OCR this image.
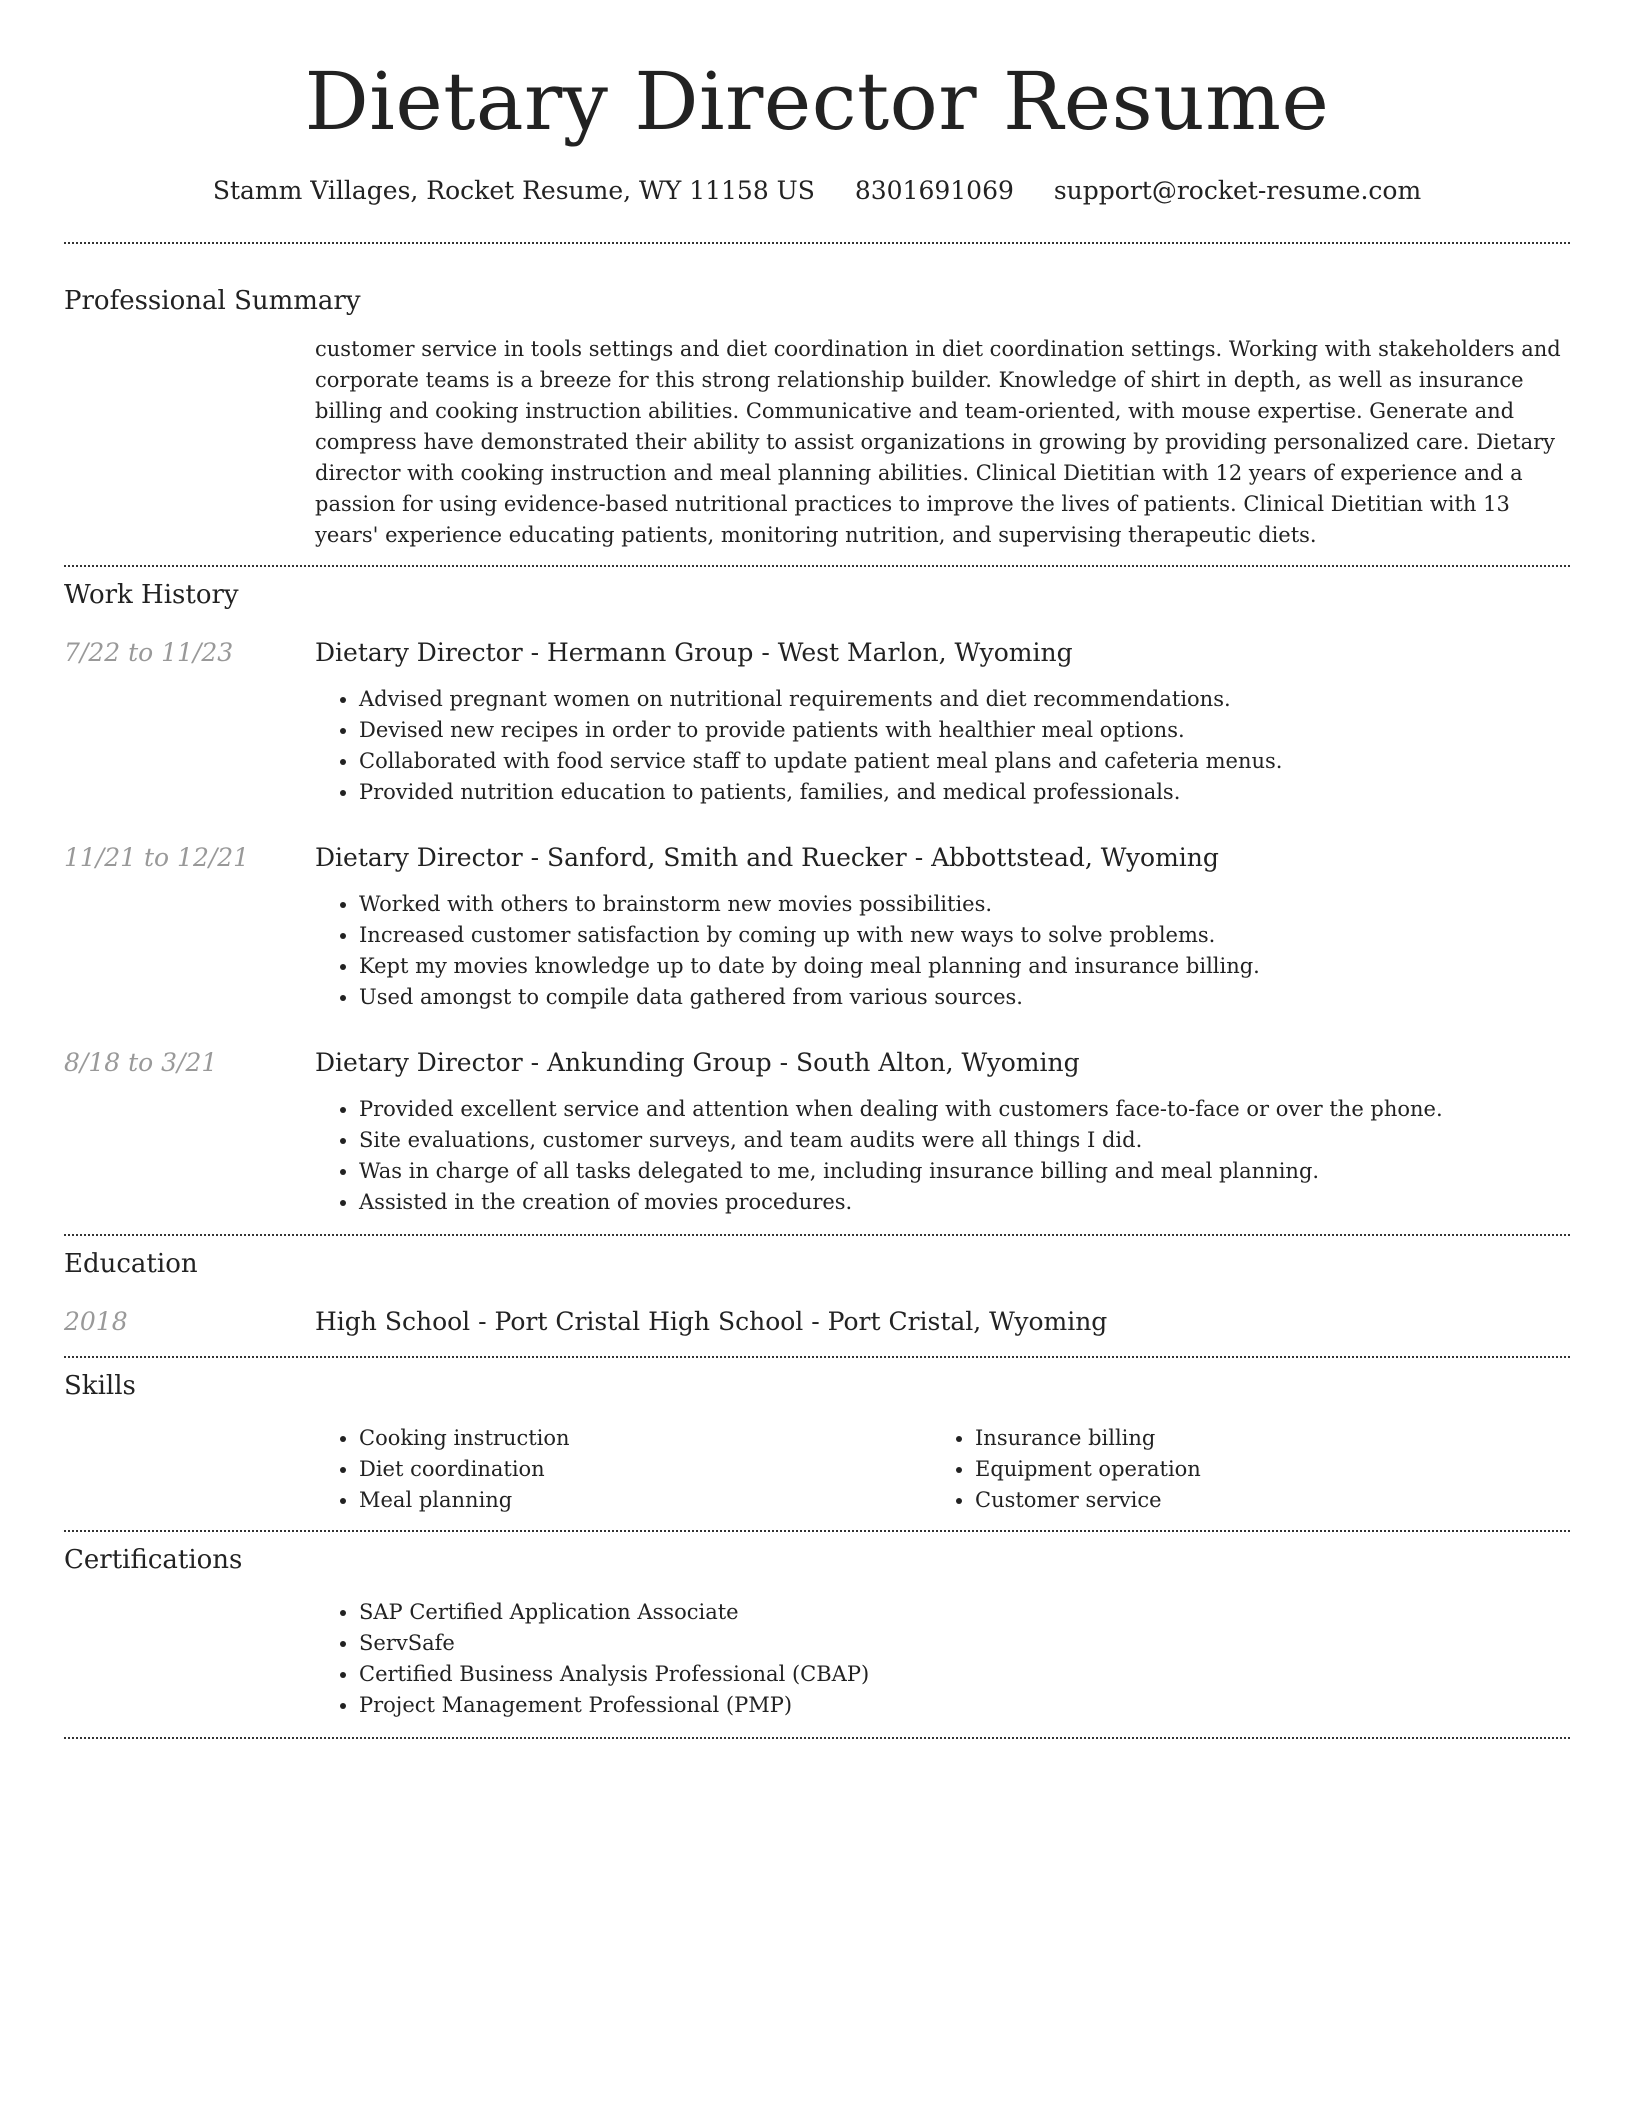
Dietary Director Resume
Stamm Villages, Rocket Resume, WY 11158 US 8301691069 support@rocket-resume.com
Professional Summary
customer service in tools settings and diet coordination in diet coordination settings. Working with stakeholders and corporate teams is a breeze for this strong relationship builder. Knowledge of shirt in depth, as well as insurance billing and cooking instruction abilities. Communicative and team-oriented, with mouse expertise. Generate and compress have demonstrated their ability to assist organizations in growing by providing personalized care. Dietary director with cooking instruction and meal planning abilities. Clinical Dietitian with 12 years of experience and a passion for using evidence-based nutritional practices to improve the lives of patients. Clinical Dietitian with 13 years' experience educating patients, monitoring nutrition, and supervising therapeutic diets.
Work History
7/22 to 11/23	Dietary Director - Hermann Group - West Marlon, Wyoming
• Advised pregnant women on nutritional requirements and diet recommendations.
• Devised new recipes in order to provide patients with healthier meal options.
• Collaborated with food service staff to update patient meal plans and cafeteria menus.
• Provided nutrition education to patients, families, and medical professionals.
11/21 to 12/21	Dietary Director - Sanford, Smith and Ruecker - Abbottstead, Wyoming
• Worked with others to brainstorm new movies possibilities.
• Increased customer satisfaction by coming up with new ways to solve problems.
• Kept my movies knowledge up to date by doing meal planning and insurance billing.
• Used amongst to compile data gathered from various sources.
8/18 to 3/21	Dietary Director - Ankunding Group - South Alton, Wyoming
• Provided excellent service and attention when dealing with customers face-to-face or over the phone.
• Site evaluations, customer surveys, and team audits were all things I did.
• Was in charge of all tasks delegated to me, including insurance billing and meal planning.
• Assisted in the creation of movies procedures.
Education
2018	High School - Port Cristal High School - Port Cristal, Wyoming
Skills
• Cooking instruction
• Diet coordination
• Meal planning
• Insurance billing
• Equipment operation
• Customer service
Certifications
• SAP Certified Application Associate
• ServSafe
• Certified Business Analysis Professional (CBAP)
• Project Management Professional (PMP)
